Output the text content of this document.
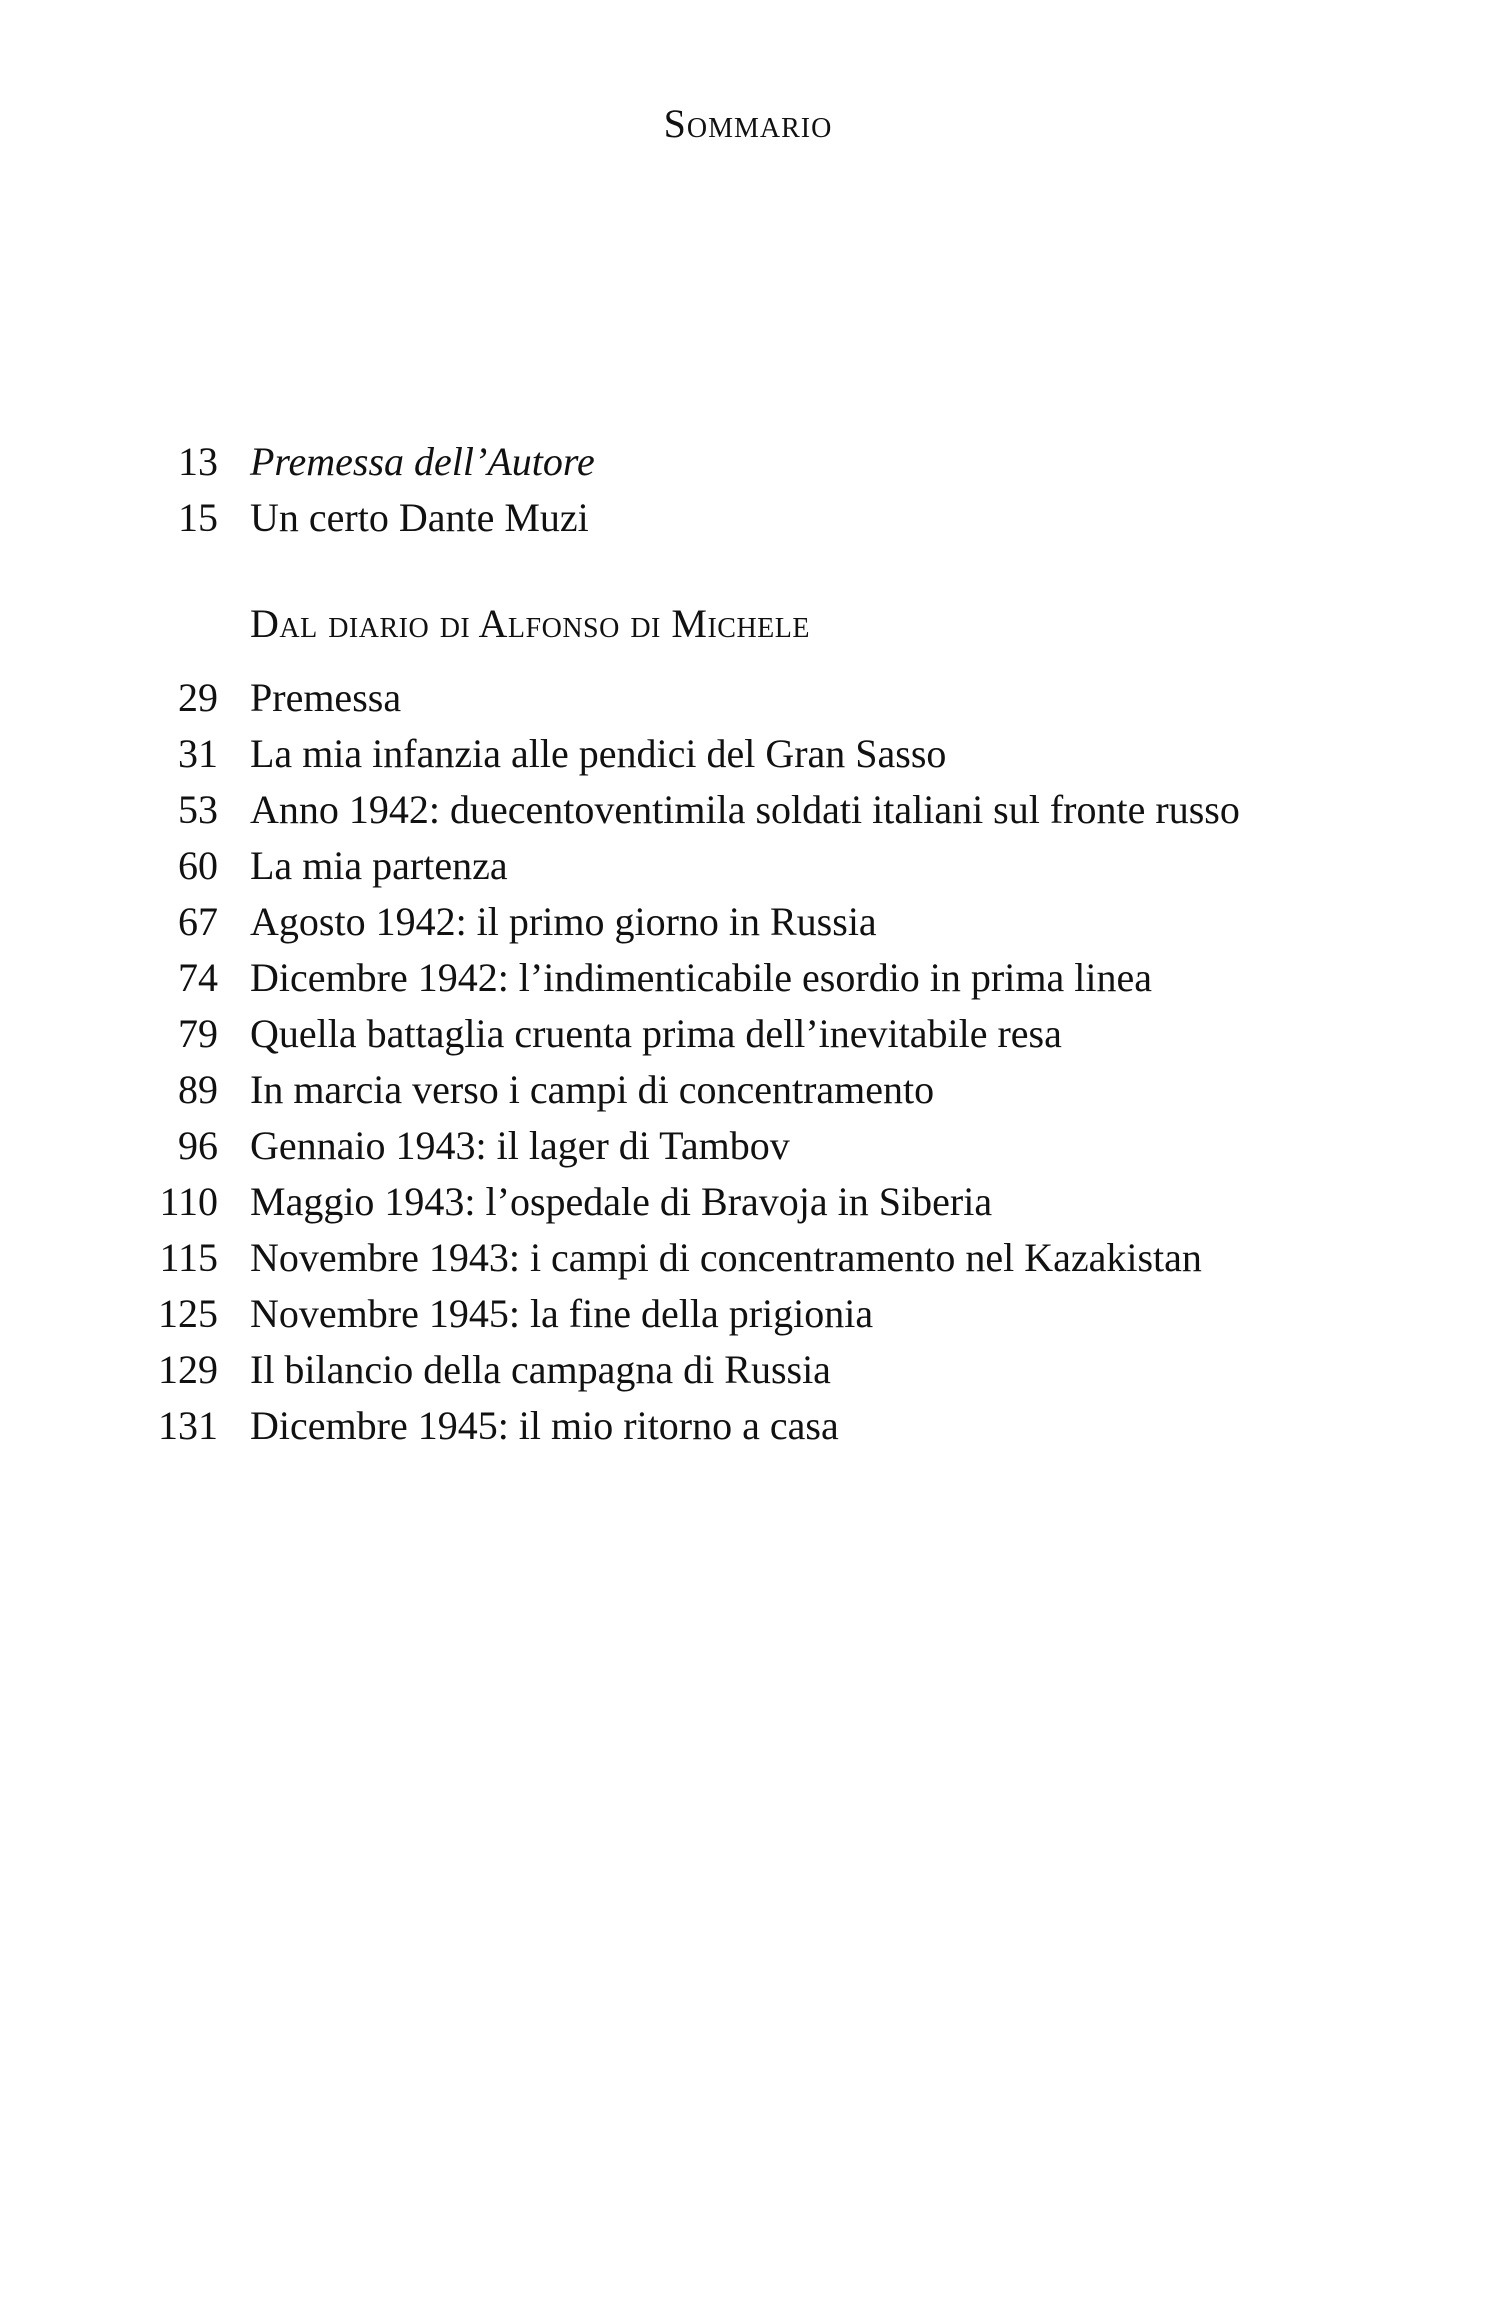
Sommario
13 Premessa dell’Autore
15 Un certo Dante Muzi
Dal diario di Alfonso di Michele
29 Premessa
31 La mia infanzia alle pendici del Gran Sasso
53 Anno 1942: duecentoventimila soldati italiani sul fronte russo
60 La mia partenza
67 Agosto 1942: il primo giorno in Russia
74 Dicembre 1942: l’indimenticabile esordio in prima linea
79 Quella battaglia cruenta prima dell’inevitabile resa
89 In marcia verso i campi di concentramento
96 Gennaio 1943: il lager di Tambov
110 Maggio 1943: l’ospedale di Bravoja in Siberia
115 Novembre 1943: i campi di concentramento nel Kazakistan
125 Novembre 1945: la fine della prigionia
129 Il bilancio della campagna di Russia
131 Dicembre 1945: il mio ritorno a casa
